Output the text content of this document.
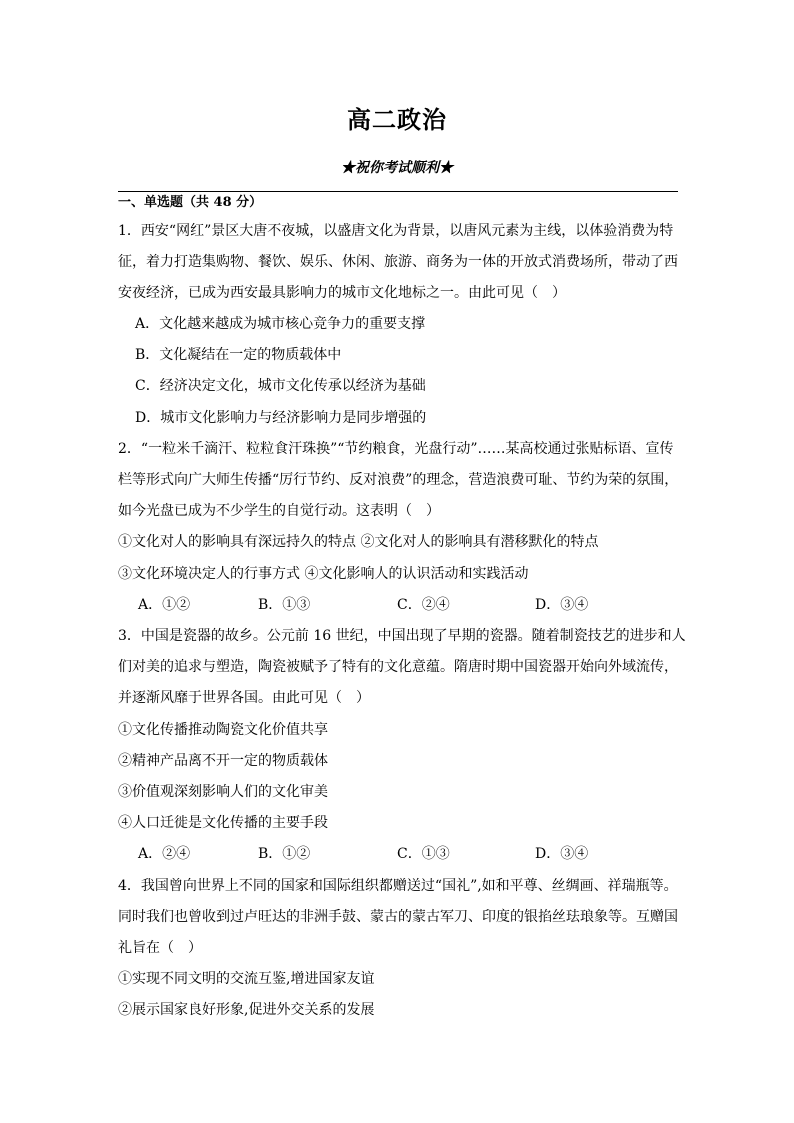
高二政治
★祝你考试顺利★
一、单选题（共 48 分）
1．西安“网红”景区大唐不夜城，以盛唐文化为背景，以唐风元素为主线，以体验消费为特
征，着力打造集购物、餐饮、娱乐、休闲、旅游、商务为一体的开放式消费场所，带动了西
安夜经济，已成为西安最具影响力的城市文化地标之一。由此可见（　）
A．文化越来越成为城市核心竞争力的重要支撑
B．文化凝结在一定的物质载体中
C．经济决定文化，城市文化传承以经济为基础
D．城市文化影响力与经济影响力是同步增强的
2．“一粒米千滴汗、粒粒食汗珠换”“节约粮食，光盘行动”……某高校通过张贴标语、宣传
栏等形式向广大师生传播“厉行节约、反对浪费”的理念，营造浪费可耻、节约为荣的氛围，
如今光盘已成为不少学生的自觉行动。这表明（　）
①文化对人的影响具有深远持久的特点 ②文化对人的影响具有潜移默化的特点
③文化环境决定人的行事方式 ④文化影响人的认识活动和实践活动
A．①②	B．①③	C．②④	D．③④
3．中国是瓷器的故乡。公元前 16 世纪，中国出现了早期的瓷器。随着制瓷技艺的进步和人
们对美的追求与塑造，陶瓷被赋予了特有的文化意蕴。隋唐时期中国瓷器开始向外域流传，
并逐渐风靡于世界各国。由此可见（　）
①文化传播推动陶瓷文化价值共享
②精神产品离不开一定的物质载体
③价值观深刻影响人们的文化审美
④人口迁徙是文化传播的主要手段
A．②④	B．①②	C．①③	D．③④
4．我国曾向世界上不同的国家和国际组织都赠送过“国礼”,如和平尊、丝绸画、祥瑞瓶等。
同时我们也曾收到过卢旺达的非洲手鼓、蒙古的蒙古军刀、印度的银掐丝珐琅象等。互赠国
礼旨在（　）
①实现不同文明的交流互鉴,增进国家友谊
②展示国家良好形象,促进外交关系的发展
